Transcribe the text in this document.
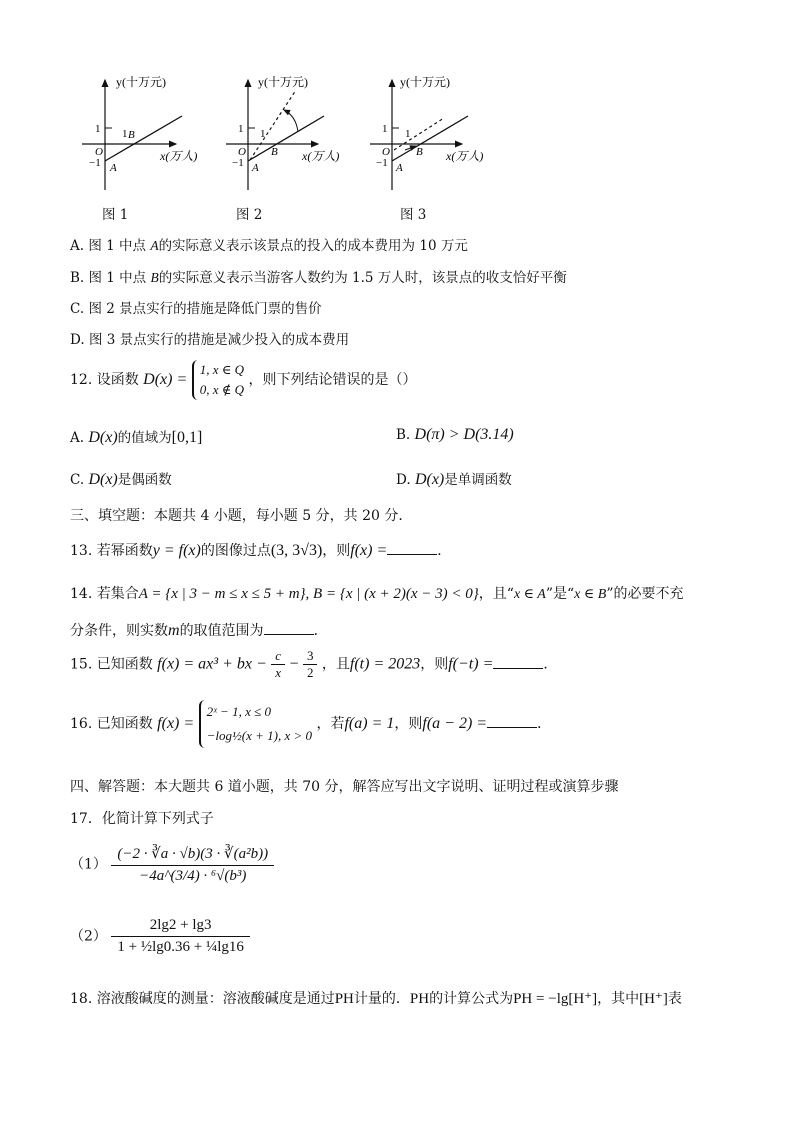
y(十万元)
x(万人)
1
−1
O
A
B
1
y(十万元)
x(万人)
1
−1
O
A
B
1
y(十万元)
x(万人)
1
−1
O
A
B
1
图 1	图 2	图 3
A. 图 1 中点 A的实际意义表示该景点的投入的成本费用为 10 万元
B. 图 1 中点 B的实际意义表示当游客人数约为 1.5 万人时，该景点的收支恰好平衡
C. 图 2 景点实行的措施是降低门票的售价
D. 图 3 景点实行的措施是减少投入的成本费用
12. 设函数 D(x) = 1, x ∈ Q
0, x ∉ Q ，则下列结论错误的是（）
A. D(x)的值域为[0,1]	B. D(π) > D(3.14)
C. D(x)是偶函数	D. D(x)是单调函数
三、填空题：本题共 4 小题，每小题 5 分，共 20 分．
13. 若幂函数y = f(x)的图像过点(3, 3√3)，则f(x) =	．
14. 若集合A = {x | 3 − m ≤ x ≤ 5 + m}, B = {x | (x + 2)(x − 3) < 0}，且“x ∈ A”是“x ∈ B”的必要不充
分条件，则实数m的取值范围为	．
15. 已知函数 f(x) = ax³ + bx − $\frac{c}{x} - \frac{3}{2}$ ，且f(t) = 2023，则f(−t) =	．
16. 已知函数 f(x) = 2ˣ − 1, x ≤ 0
−log½(x + 1), x > 0 ，若f(a) = 1，则f(a − 2) =	．
四、解答题：本大题共 6 道小题，共 70 分，解答应写出文字说明、证明过程或演算步骤
17．化简计算下列式子
$(1) \frac{\text{(−2 · ∛a · √b)(3 · ∛(a²b))}}{\text{−4a\textasciicircum{}(3/4) · ⁶√(b³)}}$
$(2) \frac{2\lg 2 + \lg 3}{\text{1 + ½lg0.36 + ¼lg16}}$
18. 溶液酸碱度的测量：溶液酸碱度是通过PH计量的．PH的计算公式为PH = −lg[H⁺]，其中[H⁺]表
